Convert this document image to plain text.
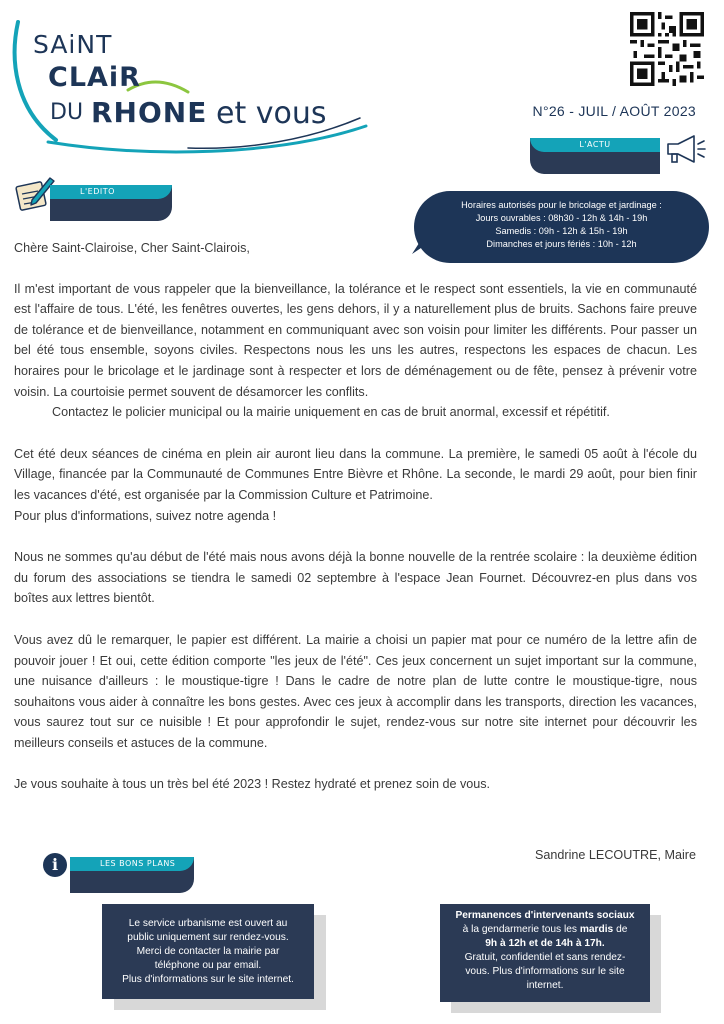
SAiNT
CLAiR
DU RHONE et vous	N°26 - JUIL / AOÛT 2023
L'ACTU
L'EDITO
Horaires autorisés pour le bricolage et jardinage :
Jours ouvrables : 08h30 - 12h & 14h - 19h
Samedis : 09h - 12h & 15h - 19h
Dimanches et jours fériés : 10h - 12h

Chère Saint-Clairoise, Cher Saint-Clairois,

Il m'est important de vous rappeler que la bienveillance, la tolérance et le respect sont essentiels, la vie en communauté est l'affaire de tous. L'été, les fenêtres ouvertes, les gens dehors, il y a naturellement plus de bruits. Sachons faire preuve de tolérance et de bienveillance, notamment en communiquant avec son voisin pour limiter les différents. Pour passer un bel été tous ensemble, soyons civiles. Respectons nous les uns les autres, respectons les espaces de chacun. Les horaires pour le bricolage et le jardinage sont à respecter et lors de déménagement ou de fête, pensez à prévenir votre voisin. La courtoisie permet souvent de désamorcer les conflits.

Contactez le policier municipal ou la mairie uniquement en cas de bruit anormal, excessif et répétitif.

Cet été deux séances de cinéma en plein air auront lieu dans la commune. La première, le samedi 05 août à l'école du Village, financée par la Communauté de Communes Entre Bièvre et Rhône. La seconde, le mardi 29 août, pour bien finir les vacances d'été, est organisée par la Commission Culture et Patrimoine.

Pour plus d'informations, suivez notre agenda !

Nous ne sommes qu'au début de l'été mais nous avons déjà la bonne nouvelle de la rentrée scolaire : la deuxième édition du forum des associations se tiendra le samedi 02 septembre à l'espace Jean Fournet. Découvrez-en plus dans vos boîtes aux lettres bientôt.

Vous avez dû le remarquer, le papier est différent. La mairie a choisi un papier mat pour ce numéro de la lettre afin de pouvoir jouer ! Et oui, cette édition comporte "les jeux de l'été". Ces jeux concernent un sujet important sur la commune, une nuisance d'ailleurs : le moustique-tigre ! Dans le cadre de notre plan de lutte contre le moustique-tigre, nous souhaitons vous aider à connaître les bons gestes. Avec ces jeux à accomplir dans les transports, direction les vacances, vous saurez tout sur ce nuisible ! Et pour approfondir le sujet, rendez-vous sur notre site internet pour découvrir les meilleurs conseils et astuces de la commune.

Je vous souhaite à tous un très bel été 2023 ! Restez hydraté et prenez soin de vous.

Sandrine LECOUTRE, Maire
i	LES BONS PLANS
Le service urbanisme est ouvert au
public uniquement sur rendez-vous.
Merci de contacter la mairie par
téléphone ou par email.
Plus d'informations sur le site internet.
Permanences d'intervenants sociaux
à la gendarmerie tous les mardis de
9h à 12h et de 14h à 17h.
Gratuit, confidentiel et sans rendez-
vous. Plus d'informations sur le site
internet.
